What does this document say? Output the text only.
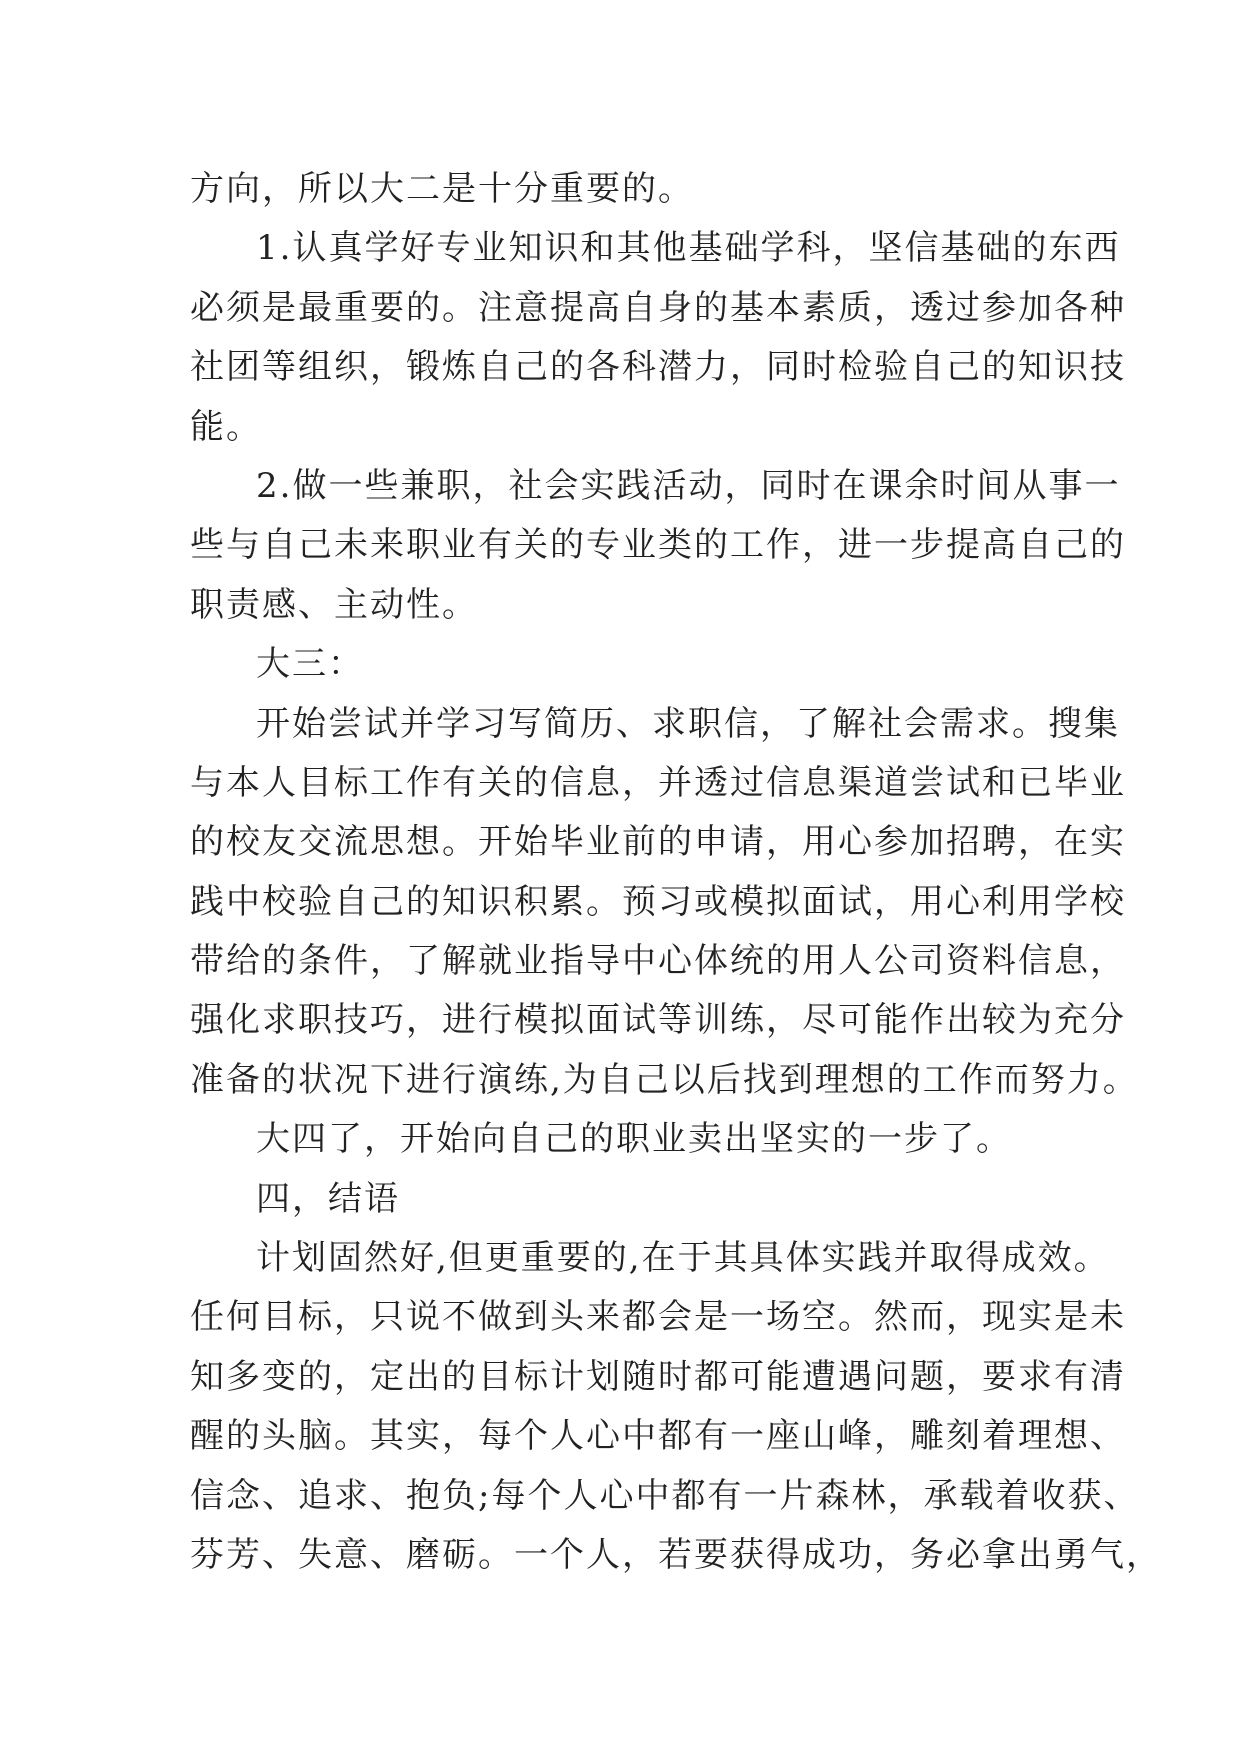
方向，所以大二是十分重要的。
1.认真学好专业知识和其他基础学科，坚信基础的东西
必须是最重要的。注意提高自身的基本素质，透过参加各种
社团等组织，锻炼自己的各科潜力，同时检验自己的知识技
能。
2.做一些兼职，社会实践活动，同时在课余时间从事一
些与自己未来职业有关的专业类的工作，进一步提高自己的
职责感、主动性。
大三：
开始尝试并学习写简历、求职信，了解社会需求。搜集
与本人目标工作有关的信息，并透过信息渠道尝试和已毕业
的校友交流思想。开始毕业前的申请，用心参加招聘，在实
践中校验自己的知识积累。预习或模拟面试，用心利用学校
带给的条件，了解就业指导中心体统的用人公司资料信息，
强化求职技巧，进行模拟面试等训练，尽可能作出较为充分
准备的状况下进行演练,为自己以后找到理想的工作而努力。
大四了，开始向自己的职业卖出坚实的一步了。
四，结语
计划固然好,但更重要的,在于其具体实践并取得成效。
任何目标，只说不做到头来都会是一场空。然而，现实是未
知多变的，定出的目标计划随时都可能遭遇问题，要求有清
醒的头脑。其实，每个人心中都有一座山峰，雕刻着理想、
信念、追求、抱负;每个人心中都有一片森林，承载着收获、
芬芳、失意、磨砺。一个人，若要获得成功，务必拿出勇气，
